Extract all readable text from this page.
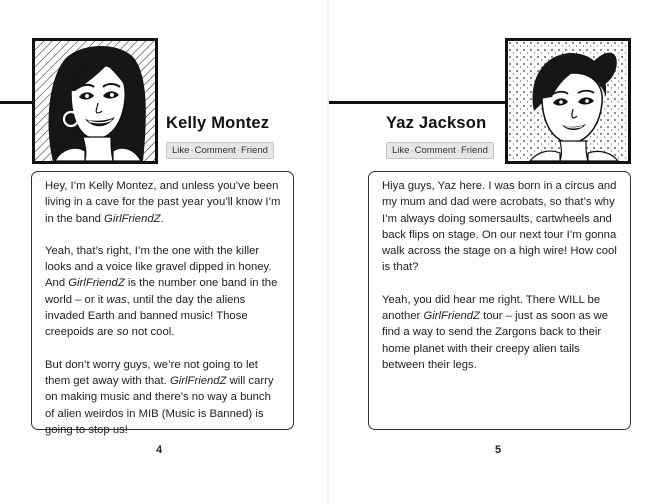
Kelly Montez
Like·Comment·Friend

Hey, I’m Kelly Montez, and unless you’ve been living in a cave for the past year you’ll know I’m in the band GirlFriendZ.

Yeah, that’s right, I’m the one with the killer looks and a voice like gravel dipped in honey. And GirlFriendZ is the number one band in the world – or it was, until the day the aliens invaded Earth and banned music! Those creepoids are so not cool.

But don’t worry guys, we’re not going to let them get away with that. GirlFriendZ will carry on making music and there’s no way a bunch of alien weirdos in MIB (Music is Banned) is going to stop us!

4
Yaz Jackson
Like·Comment·Friend

Hiya guys, Yaz here. I was born in a circus and my mum and dad were acrobats, so that’s why I’m always doing somersaults, cartwheels and back flips on stage. On our next tour I’m gonna walk across the stage on a high wire! How cool is that?

Yeah, you did hear me right. There WILL be another GirlFriendZ tour – just as soon as we find a way to send the Zargons back to their home planet with their creepy alien tails between their legs.

5
